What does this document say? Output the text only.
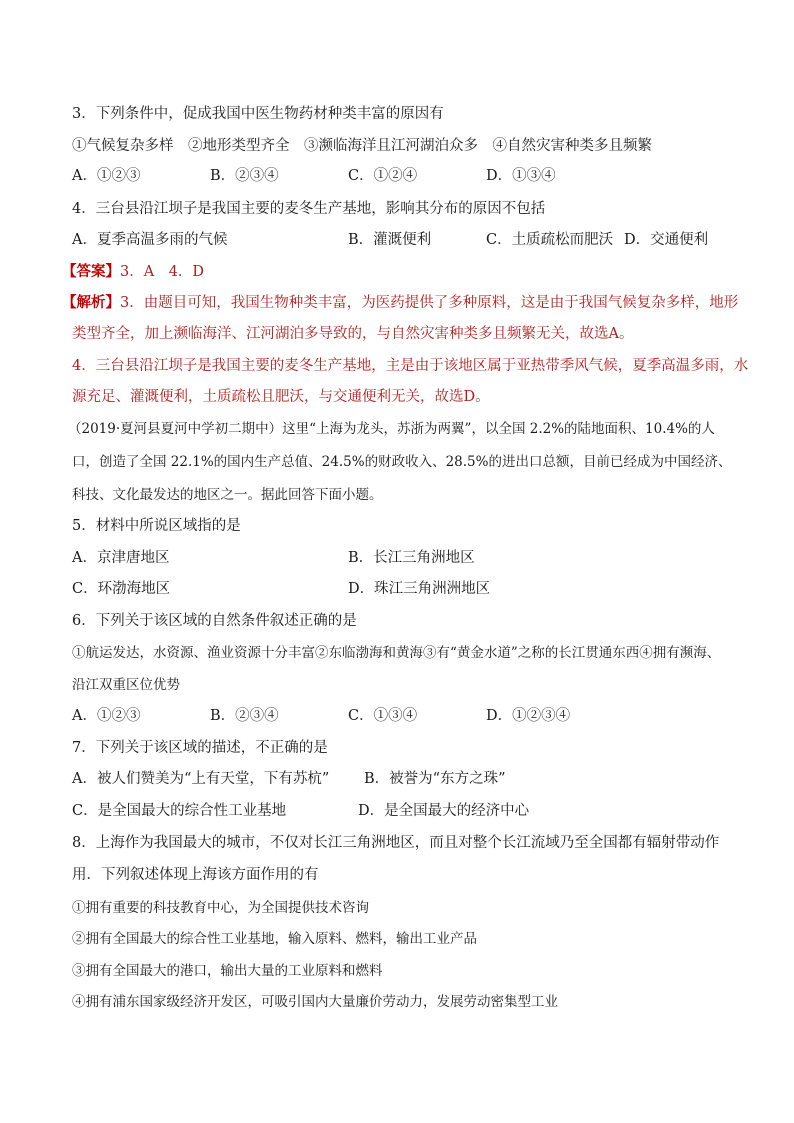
3．下列条件中，促成我国中医生物药材种类丰富的原因有
①气候复杂多样　②地形类型齐全　③濒临海洋且江河湖泊众多　④自然灾害种类多且频繁
A．①②③	B．②③④	C．①②④	D．①③④
4．三台县沿江坝子是我国主要的麦冬生产基地，影响其分布的原因不包括
A．夏季高温多雨的气候	B．灌溉便利	C．土质疏松而肥沃 D．交通便利
【答案】3．A　4．D
【解析】3．由题目可知，我国生物种类丰富，为医药提供了多种原料，这是由于我国气候复杂多样，地形
类型齐全，加上濒临海洋、江河湖泊多导致的，与自然灾害种类多且频繁无关，故选A。
4．三台县沿江坝子是我国主要的麦冬生产基地，主是由于该地区属于亚热带季风气候，夏季高温多雨，水
源充足、灌溉便利，土质疏松且肥沃，与交通便利无关，故选D。
（2019·夏河县夏河中学初二期中）这里“上海为龙头，苏浙为两翼”，以全国 2.2%的陆地面积、10.4%的人
口，创造了全国 22.1%的国内生产总值、24.5%的财政收入、28.5%的进出口总额，目前已经成为中国经济、
科技、文化最发达的地区之一。据此回答下面小题。
5．材料中所说区域指的是
A．京津唐地区	B．长江三角洲地区
C．环渤海地区	D．珠江三角洲洲地区
6．下列关于该区域的自然条件叙述正确的是
①航运发达，水资源、渔业资源十分丰富②东临渤海和黄海③有“黄金水道”之称的长江贯通东西④拥有濒海、
沿江双重区位优势
A．①②③	B．②③④	C．①③④	D．①②③④
7．下列关于该区域的描述，不正确的是
A．被人们赞美为“上有天堂，下有苏杭” B．被誉为“东方之珠”
C．是全国最大的综合性工业基地	D．是全国最大的经济中心
8．上海作为我国最大的城市，不仅对长江三角洲地区，而且对整个长江流域乃至全国都有辐射带动作
用．下列叙述体现上海该方面作用的有
①拥有重要的科技教育中心，为全国提供技术咨询
②拥有全国最大的综合性工业基地，输入原料、燃料，输出工业产品
③拥有全国最大的港口，输出大量的工业原料和燃料
④拥有浦东国家级经济开发区，可吸引国内大量廉价劳动力，发展劳动密集型工业
